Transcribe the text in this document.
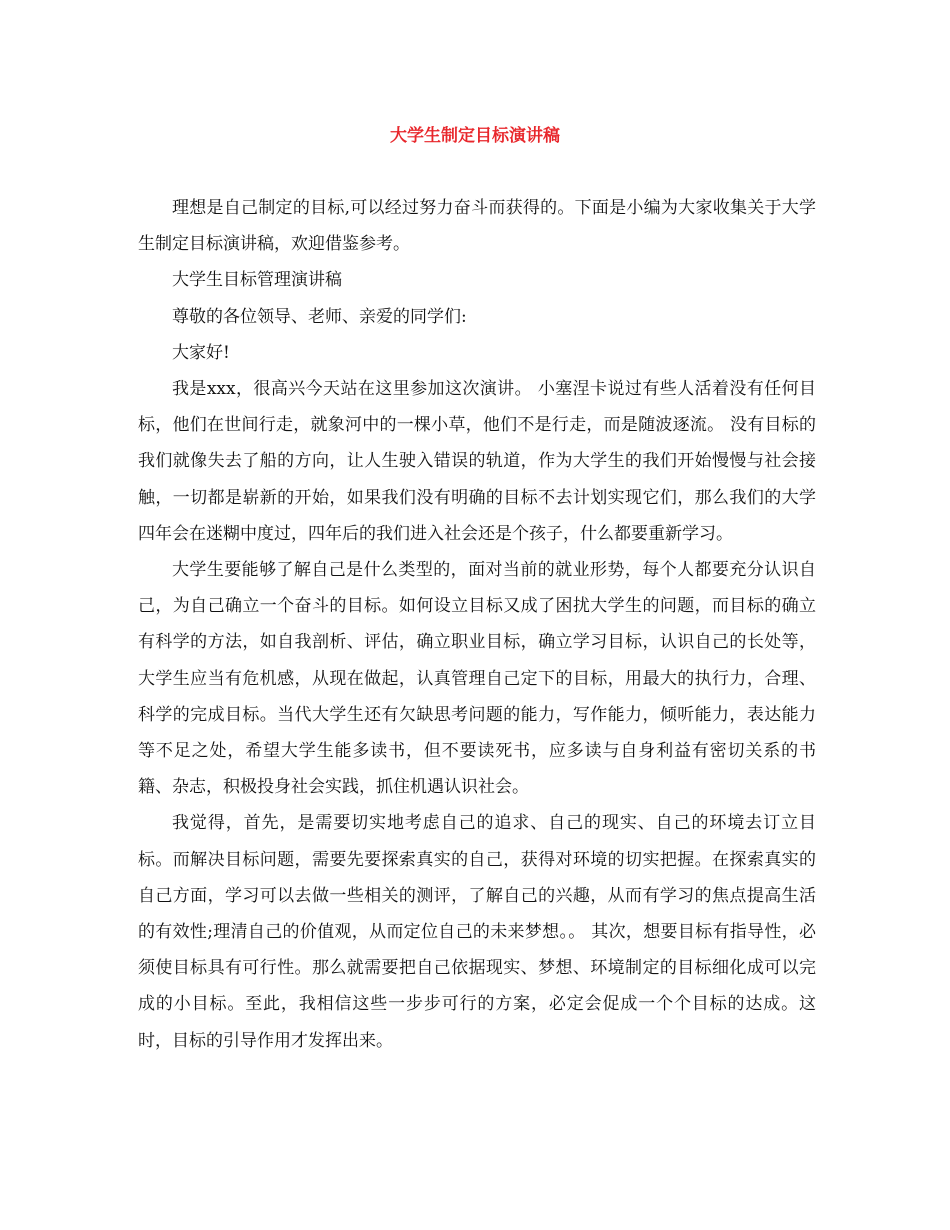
大学生制定目标演讲稿

理想是自己制定的目标,可以经过努力奋斗而获得的。下面是小编为大家收集关于大学生制定目标演讲稿，欢迎借鉴参考。

大学生目标管理演讲稿

尊敬的各位领导、老师、亲爱的同学们:

大家好!

我是xxx，很高兴今天站在这里参加这次演讲。 小塞涅卡说过有些人活着没有任何目标，他们在世间行走，就象河中的一棵小草，他们不是行走，而是随波逐流。 没有目标的我们就像失去了船的方向，让人生驶入错误的轨道，作为大学生的我们开始慢慢与社会接触，一切都是崭新的开始，如果我们没有明确的目标不去计划实现它们，那么我们的大学四年会在迷糊中度过，四年后的我们进入社会还是个孩子，什么都要重新学习。

大学生要能够了解自己是什么类型的，面对当前的就业形势，每个人都要充分认识自己，为自己确立一个奋斗的目标。如何设立目标又成了困扰大学生的问题，而目标的确立有科学的方法，如自我剖析、评估，确立职业目标，确立学习目标，认识自己的长处等，大学生应当有危机感，从现在做起，认真管理自己定下的目标，用最大的执行力，合理、科学的完成目标。当代大学生还有欠缺思考问题的能力，写作能力，倾听能力，表达能力等不足之处，希望大学生能多读书，但不要读死书，应多读与自身利益有密切关系的书籍、杂志，积极投身社会实践，抓住机遇认识社会。

我觉得，首先，是需要切实地考虑自己的追求、自己的现实、自己的环境去订立目标。而解决目标问题，需要先要探索真实的自己，获得对环境的切实把握。在探索真实的自己方面，学习可以去做一些相关的测评，了解自己的兴趣，从而有学习的焦点提高生活的有效性;理清自己的价值观，从而定位自己的未来梦想。。 其次，想要目标有指导性，必须使目标具有可行性。那么就需要把自己依据现实、梦想、环境制定的目标细化成可以完成的小目标。至此，我相信这些一步步可行的方案，必定会促成一个个目标的达成。这时，目标的引导作用才发挥出来。
